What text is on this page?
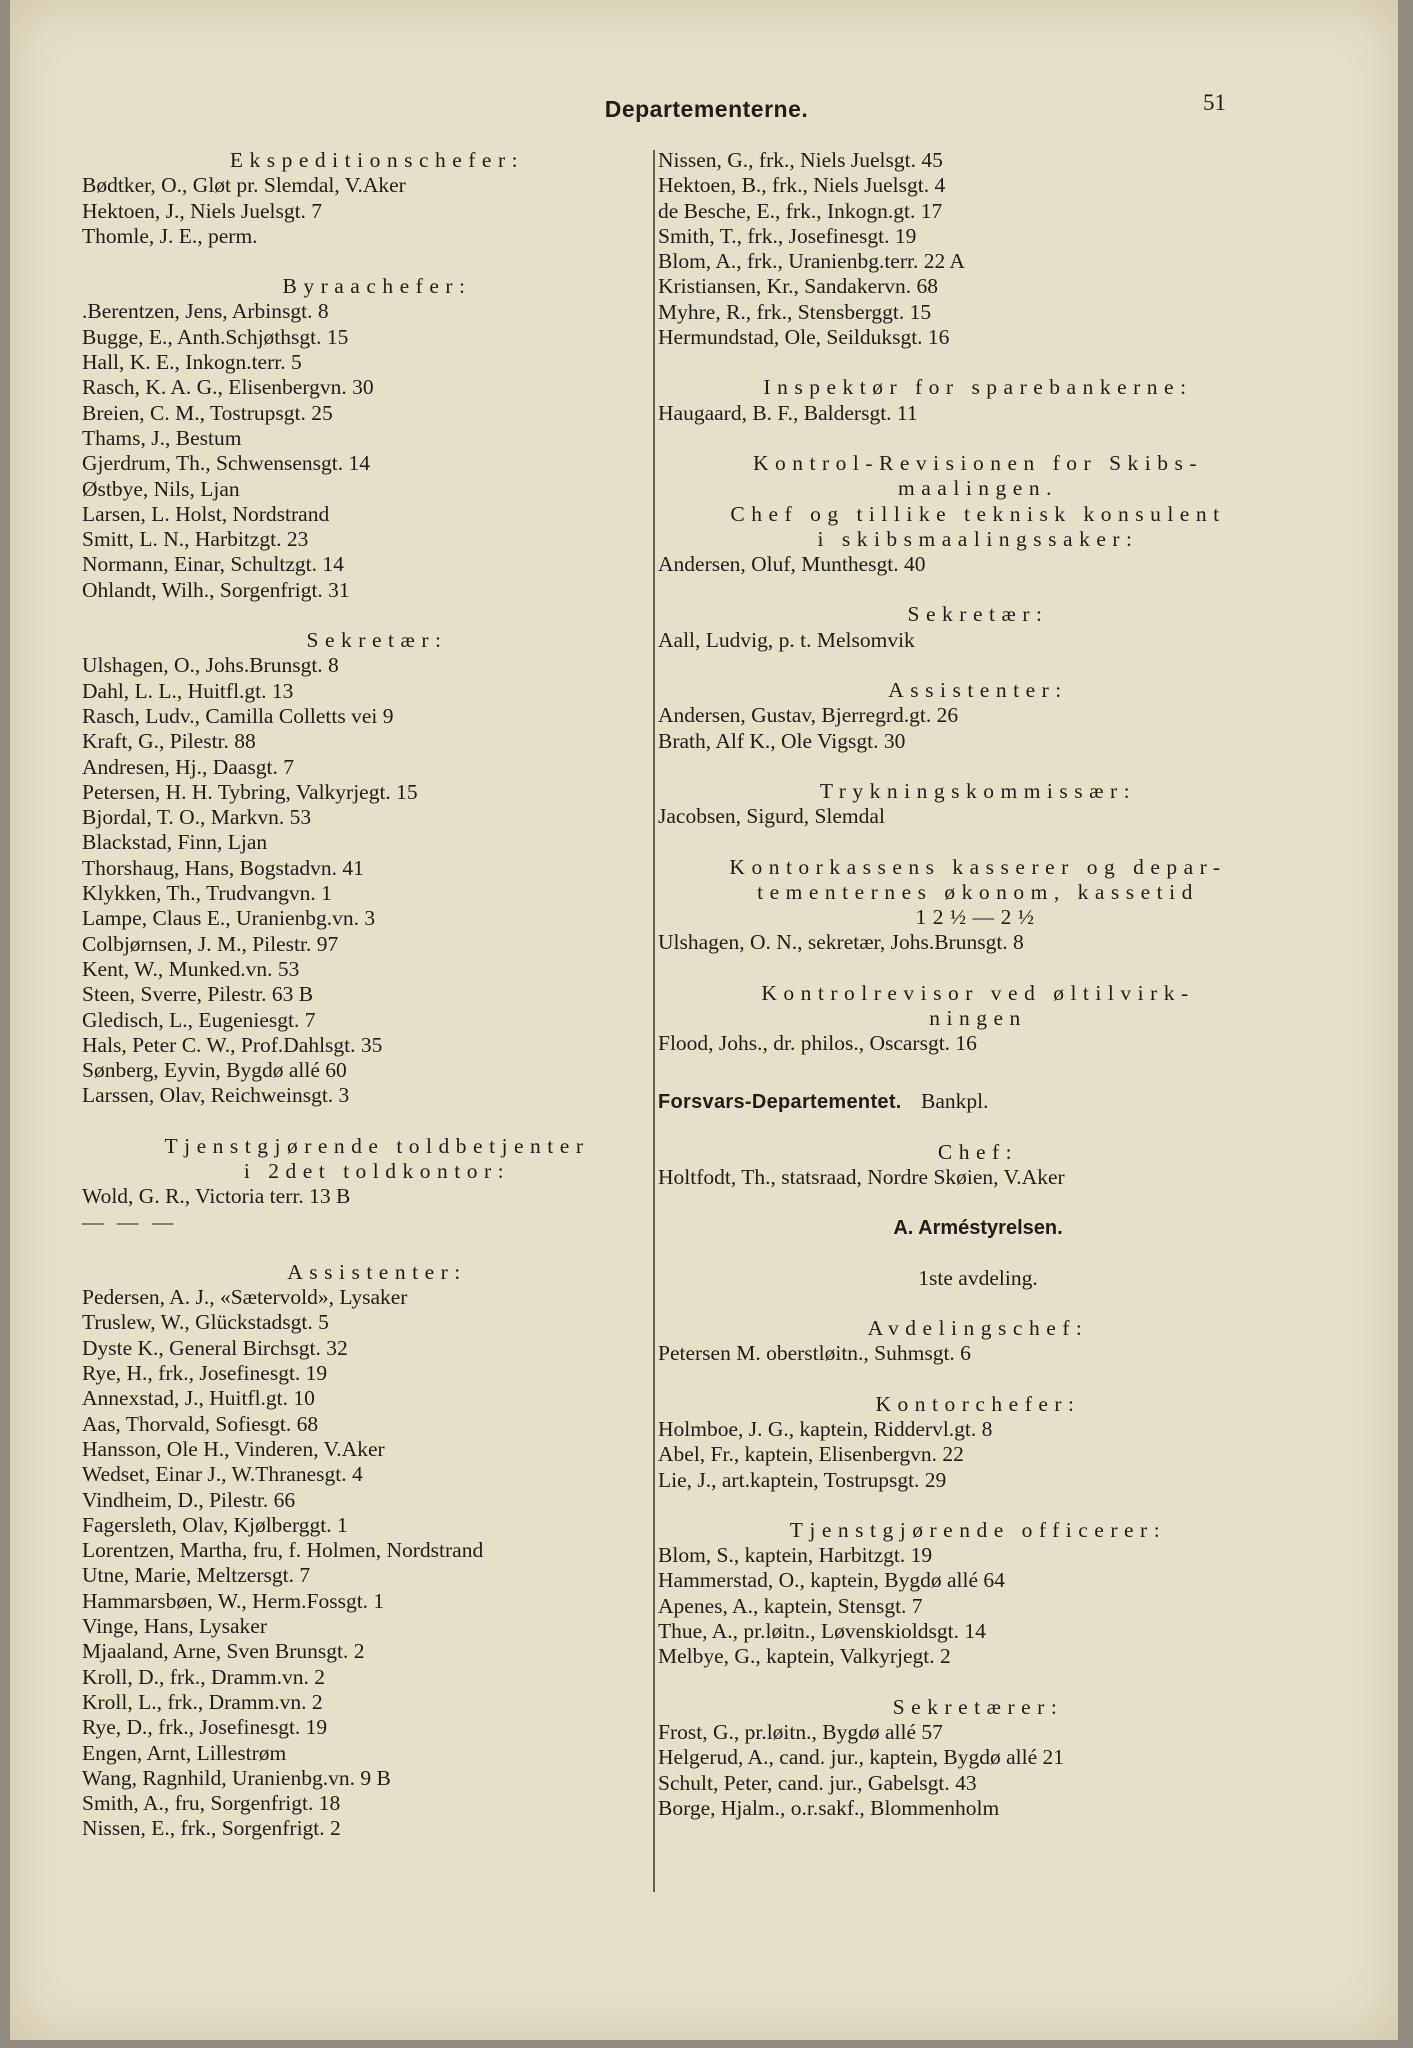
Departementerne.	51
Ekspeditionschefer:
Bødtker, O., Gløt pr. Slemdal, V.Aker
Hektoen, J., Niels Juelsgt. 7
Thomle, J. E., perm.
Byraachefer:
.Berentzen, Jens, Arbinsgt. 8
Bugge, E., Anth.Schjøthsgt. 15
Hall, K. E., Inkogn.terr. 5
Rasch, K. A. G., Elisenbergvn. 30
Breien, C. M., Tostrupsgt. 25
Thams, J., Bestum
Gjerdrum, Th., Schwensensgt. 14
Østbye, Nils, Ljan
Larsen, L. Holst, Nordstrand
Smitt, L. N., Harbitzgt. 23
Normann, Einar, Schultzgt. 14
Ohlandt, Wilh., Sorgenfrigt. 31
Sekretær:
Ulshagen, O., Johs.Brunsgt. 8
Dahl, L. L., Huitfl.gt. 13
Rasch, Ludv., Camilla Colletts vei 9
Kraft, G., Pilestr. 88
Andresen, Hj., Daasgt. 7
Petersen, H. H. Tybring, Valkyrjegt. 15
Bjordal, T. O., Markvn. 53
Blackstad, Finn, Ljan
Thorshaug, Hans, Bogstadvn. 41
Klykken, Th., Trudvangvn. 1
Lampe, Claus E., Uranienbg.vn. 3
Colbjørnsen, J. M., Pilestr. 97
Kent, W., Munked.vn. 53
Steen, Sverre, Pilestr. 63 B
Gledisch, L., Eugeniesgt. 7
Hals, Peter C. W., Prof.Dahlsgt. 35
Sønberg, Eyvin, Bygdø allé 60
Larssen, Olav, Reichweinsgt. 3
Tjenstgjørende toldbetjenter
i 2det toldkontor:
Wold, G. R., Victoria terr. 13 B
— — —
Assistenter:
Pedersen, A. J., «Sætervold», Lysaker
Truslew, W., Glückstadsgt. 5
Dyste K., General Birchsgt. 32
Rye, H., frk., Josefinesgt. 19
Annexstad, J., Huitfl.gt. 10
Aas, Thorvald, Sofiesgt. 68
Hansson, Ole H., Vinderen, V.Aker
Wedset, Einar J., W.Thranesgt. 4
Vindheim, D., Pilestr. 66
Fagersleth, Olav, Kjølberggt. 1
Lorentzen, Martha, fru, f. Holmen, Nordstrand
Utne, Marie, Meltzersgt. 7
Hammarsbøen, W., Herm.Fossgt. 1
Vinge, Hans, Lysaker
Mjaaland, Arne, Sven Brunsgt. 2
Kroll, D., frk., Dramm.vn. 2
Kroll, L., frk., Dramm.vn. 2
Rye, D., frk., Josefinesgt. 19
Engen, Arnt, Lillestrøm
Wang, Ragnhild, Uranienbg.vn. 9 B
Smith, A., fru, Sorgenfrigt. 18
Nissen, E., frk., Sorgenfrigt. 2
Nissen, G., frk., Niels Juelsgt. 45
Hektoen, B., frk., Niels Juelsgt. 4
de Besche, E., frk., Inkogn.gt. 17
Smith, T., frk., Josefinesgt. 19
Blom, A., frk., Uranienbg.terr. 22 A
Kristiansen, Kr., Sandakervn. 68
Myhre, R., frk., Stensberggt. 15
Hermundstad, Ole, Seilduksgt. 16
Inspektør for sparebankerne:
Haugaard, B. F., Baldersgt. 11
Kontrol-Revisionen for Skibs-
maalingen.
Chef og tillike teknisk konsulent
i skibsmaalingssaker:
Andersen, Oluf, Munthesgt. 40
Sekretær:
Aall, Ludvig, p. t. Melsomvik
Assistenter:
Andersen, Gustav, Bjerregrd.gt. 26
Brath, Alf K., Ole Vigsgt. 30
Trykningskommissær:
Jacobsen, Sigurd, Slemdal
Kontorkassens kasserer og depar-
tementernes økonom, kassetid
12½—2½
Ulshagen, O. N., sekretær, Johs.Brunsgt. 8
Kontrolrevisor ved øltilvirk-
ningen
Flood, Johs., dr. philos., Oscarsgt. 16
Forsvars-Departementet. Bankpl.
Chef:
Holtfodt, Th., statsraad, Nordre Skøien, V.Aker
A. Arméstyrelsen.
1ste avdeling.
Avdelingschef:
Petersen M. oberstløitn., Suhmsgt. 6
Kontorchefer:
Holmboe, J. G., kaptein, Riddervl.gt. 8
Abel, Fr., kaptein, Elisenbergvn. 22
Lie, J., art.kaptein, Tostrupsgt. 29
Tjenstgjørende officerer:
Blom, S., kaptein, Harbitzgt. 19
Hammerstad, O., kaptein, Bygdø allé 64
Apenes, A., kaptein, Stensgt. 7
Thue, A., pr.løitn., Løvenskioldsgt. 14
Melbye, G., kaptein, Valkyrjegt. 2
Sekretærer:
Frost, G., pr.løitn., Bygdø allé 57
Helgerud, A., cand. jur., kaptein, Bygdø allé 21
Schult, Peter, cand. jur., Gabelsgt. 43
Borge, Hjalm., o.r.sakf., Blommenholm
